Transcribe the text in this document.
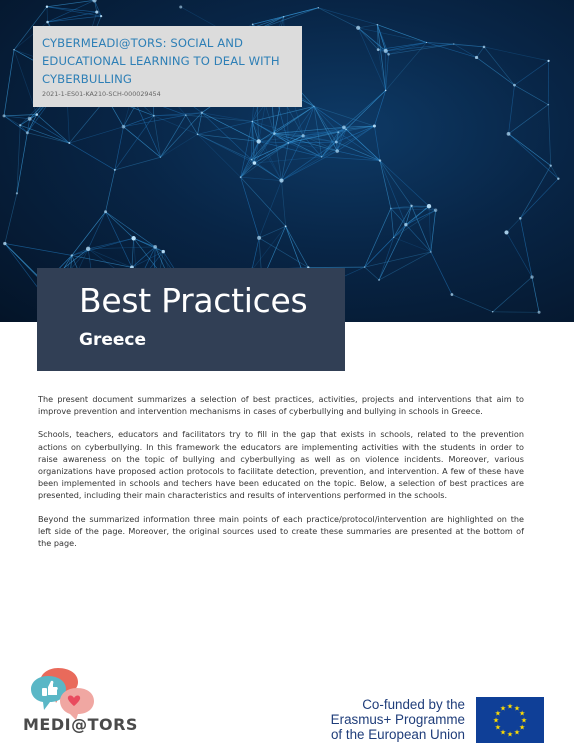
CYBERMEADI@TORS: SOCIAL AND EDUCATIONAL LEARNING TO DEAL WITH CYBERBULLING
2021-1-ES01-KA210-SCH-000029454
Best Practices
Greece

The present document summarizes a selection of best practices, activities, projects and interventions that aim to improve prevention and intervention mechanisms in cases of cyberbullying and bullying in schools in Greece.

Schools, teachers, educators and facilitators try to fill in the gap that exists in schools, related to the prevention actions on cyberbullying. In this framework the educators are implementing activities with the students in order to raise awareness on the topic of bullying and cyberbullying as well as on violence incidents. Moreover, various organizations have proposed action protocols to facilitate detection, prevention, and intervention. A few of these have been implemented in schools and techers have been educated on the topic. Below, a selection of best practices are presented, including their main characteristics and results of interventions performed in the schools.

Beyond the summarized information three main points of each practice/protocol/intervention are highlighted on the left side of the page. Moreover, the original sources used to create these summaries are presented at the bottom of the page.

MEDI@TORS
Co-funded by the
Erasmus+ Programme
of the European Union
★ ★
★
★
★
★
★
★
★
★
★
★
